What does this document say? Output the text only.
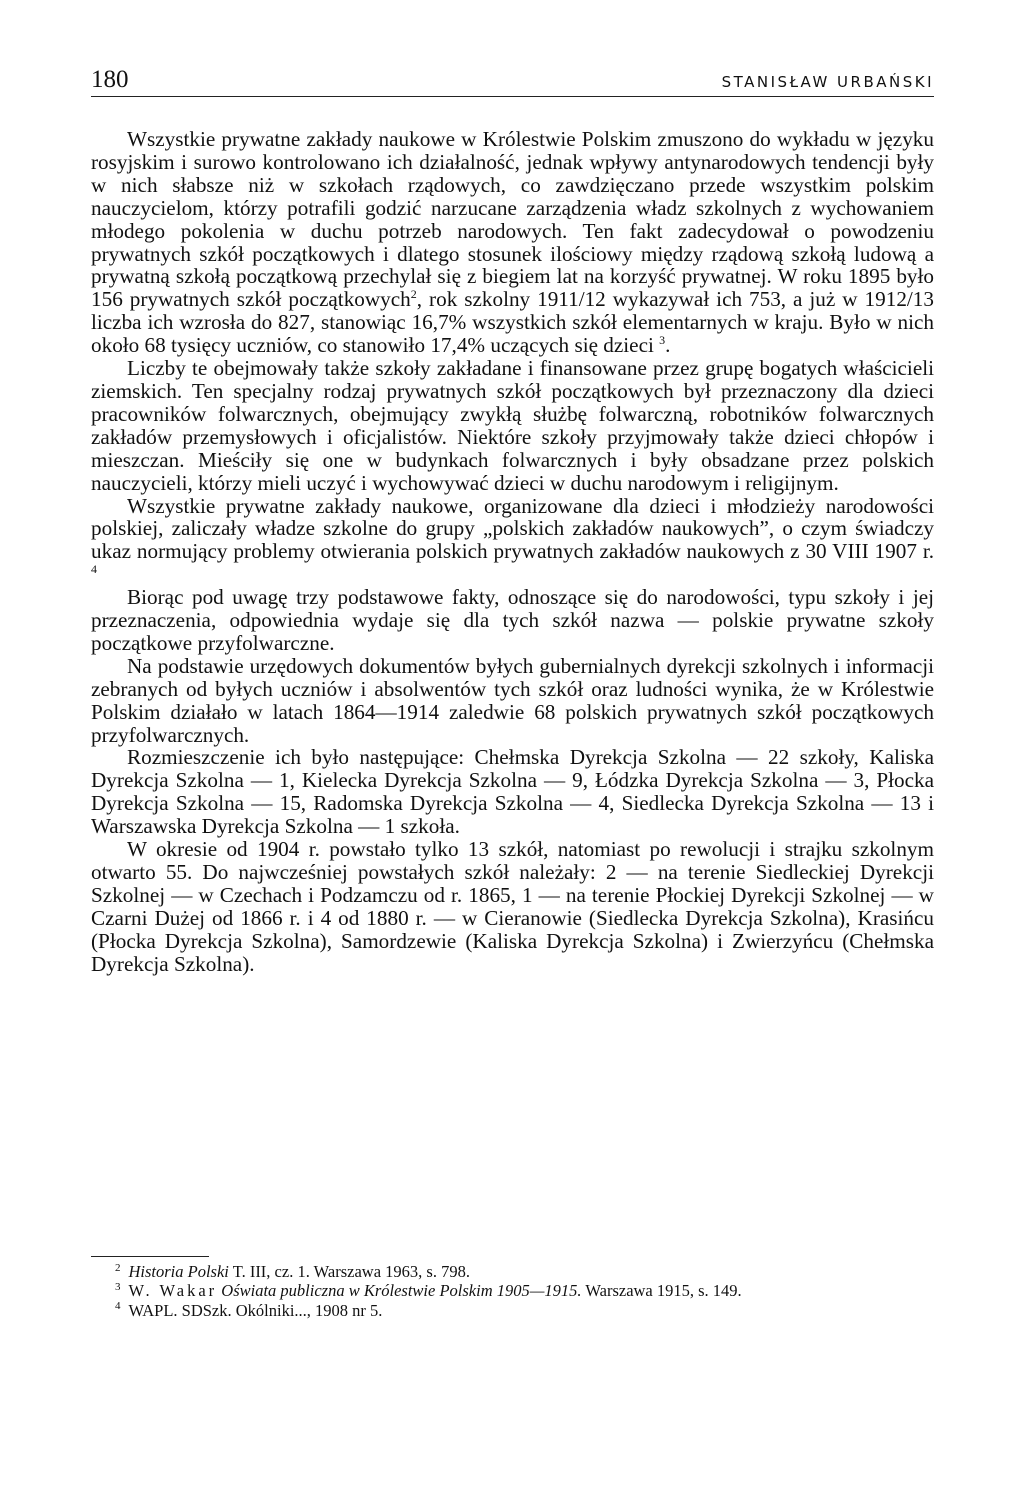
180	STANISŁAW URBAŃSKI

Wszystkie prywatne zakłady naukowe w Królestwie Polskim zmuszono do wykładu w języku rosyjskim i surowo kontrolowano ich działalność, jednak wpływy antynarodowych tendencji były w nich słabsze niż w szkołach rządowych, co zawdzięczano przede wszystkim polskim nauczycielom, którzy potrafili godzić narzucane zarządzenia władz szkolnych z wychowaniem młodego pokolenia w duchu potrzeb narodowych. Ten fakt zadecydował o powodzeniu prywatnych szkół początkowych i dlatego stosunek ilościowy między rządową szkołą ludową a prywatną szkołą początkową przechylał się z biegiem lat na korzyść prywatnej. W roku 1895 było 156 prywatnych szkół początkowych$^2$, rok szkolny 1911/12 wykazywał ich 753, a już w 1912/13 liczba ich wzrosła do 827, stanowiąc 16,7% wszystkich szkół elementarnych w kraju. Było w nich około 68 tysięcy uczniów, co stanowiło 17,4% uczących się dzieci $^3$.

Liczby te obejmowały także szkoły zakładane i finansowane przez grupę bogatych właścicieli ziemskich. Ten specjalny rodzaj prywatnych szkół początkowych był przeznaczony dla dzieci pracowników folwarcznych, obejmujący zwykłą służbę folwarczną, robotników folwarcznych zakładów przemysłowych i oficjalistów. Niektóre szkoły przyjmowały także dzieci chłopów i mieszczan. Mieściły się one w budynkach folwarcznych i były obsadzane przez polskich nauczycieli, którzy mieli uczyć i wychowywać dzieci w duchu narodowym i religijnym.

Wszystkie prywatne zakłady naukowe, organizowane dla dzieci i młodzieży narodowości polskiej, zaliczały władze szkolne do grupy „polskich zakładów naukowych”, o czym świadczy ukaz normujący problemy otwierania polskich prywatnych zakładów naukowych z 30 VIII 1907 r. $^4$

Biorąc pod uwagę trzy podstawowe fakty, odnoszące się do narodowości, typu szkoły i jej przeznaczenia, odpowiednia wydaje się dla tych szkół nazwa — polskie prywatne szkoły początkowe przyfolwarczne.

Na podstawie urzędowych dokumentów byłych gubernialnych dyrekcji szkolnych i informacji zebranych od byłych uczniów i absolwentów tych szkół oraz ludności wynika, że w Królestwie Polskim działało w latach 1864—1914 zaledwie 68 polskich prywatnych szkół początkowych przyfolwarcznych.

Rozmieszczenie ich było następujące: Chełmska Dyrekcja Szkolna — 22 szkoły, Kaliska Dyrekcja Szkolna — 1, Kielecka Dyrekcja Szkolna — 9, Łódzka Dyrekcja Szkolna — 3, Płocka Dyrekcja Szkolna — 15, Radomska Dyrekcja Szkolna — 4, Siedlecka Dyrekcja Szkolna — 13 i Warszawska Dyrekcja Szkolna — 1 szkoła.

W okresie od 1904 r. powstało tylko 13 szkół, natomiast po rewolucji i strajku szkolnym otwarto 55. Do najwcześniej powstałych szkół należały: 2 — na terenie Siedleckiej Dyrekcji Szkolnej — w Czechach i Podzamczu od r. 1865, 1 — na terenie Płockiej Dyrekcji Szkolnej — w Czarni Dużej od 1866 r. i 4 od 1880 r. — w Cieranowie (Siedlecka Dyrekcja Szkolna), Krasińcu (Płocka Dyrekcja Szkolna), Samordzewie (Kaliska Dyrekcja Szkolna) i Zwierzyńcu (Chełmska Dyrekcja Szkolna).

$^2$ Historia Polski T. III, cz. 1. Warszawa 1963, s. 798.

$^3$ W. Wakar Oświata publiczna w Królestwie Polskim 1905—1915. Warszawa 1915, s. 149.

$^4$ WAPL. SDSzk. Okólniki..., 1908 nr 5.
